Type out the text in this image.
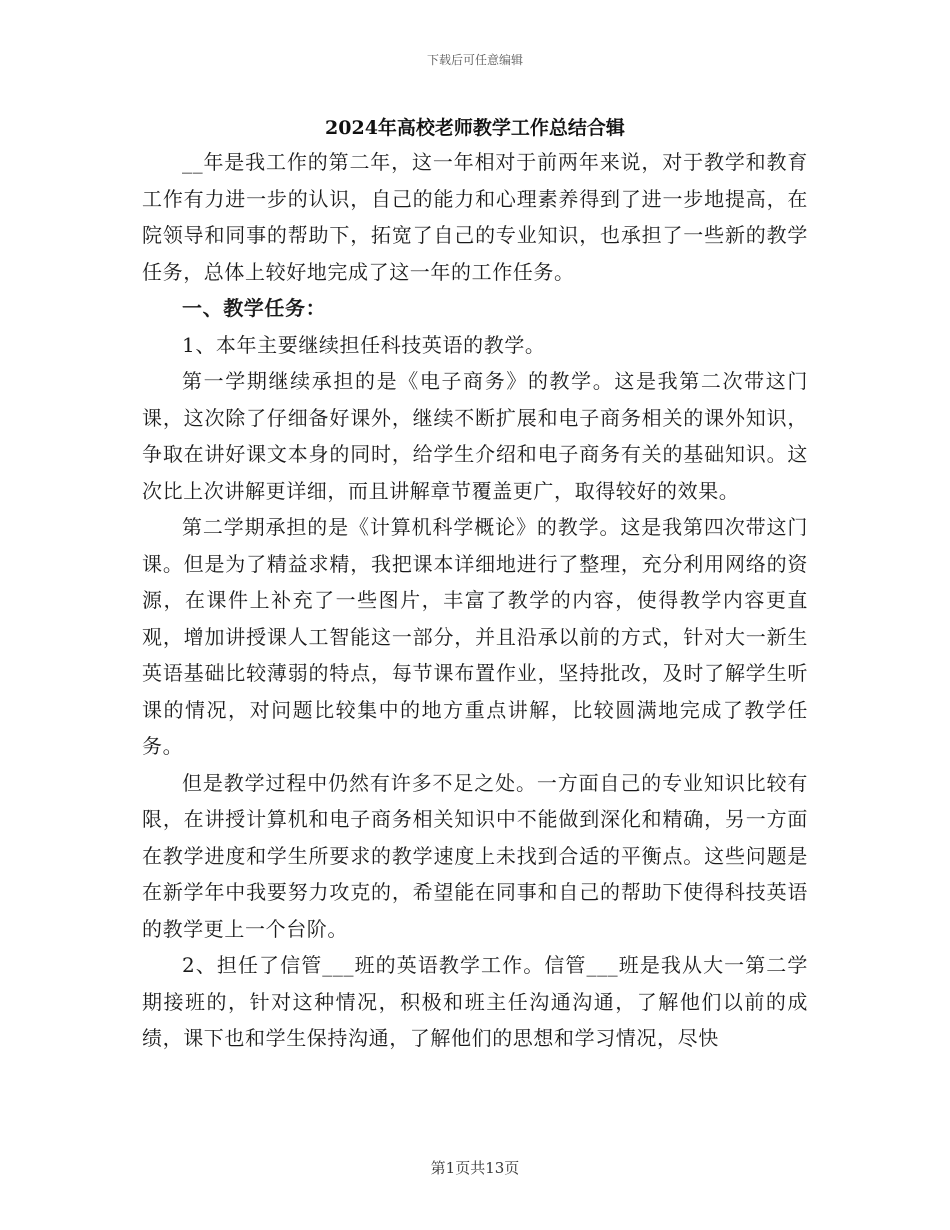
下载后可任意编辑
2024年高校老师教学工作总结合辑

__年是我工作的第二年，这一年相对于前两年来说，对于教学和教育工作有力进一步的认识，自己的能力和心理素养得到了进一步地提高，在院领导和同事的帮助下，拓宽了自己的专业知识，也承担了一些新的教学任务，总体上较好地完成了这一年的工作任务。

一、教学任务：

1、本年主要继续担任科技英语的教学。

第一学期继续承担的是《电子商务》的教学。这是我第二次带这门课，这次除了仔细备好课外，继续不断扩展和电子商务相关的课外知识，争取在讲好课文本身的同时，给学生介绍和电子商务有关的基础知识。这次比上次讲解更详细，而且讲解章节覆盖更广，取得较好的效果。

第二学期承担的是《计算机科学概论》的教学。这是我第四次带这门课。但是为了精益求精，我把课本详细地进行了整理，充分利用网络的资源，在课件上补充了一些图片，丰富了教学的内容，使得教学内容更直观，增加讲授课人工智能这一部分，并且沿承以前的方式，针对大一新生英语基础比较薄弱的特点，每节课布置作业，坚持批改，及时了解学生听课的情况，对问题比较集中的地方重点讲解，比较圆满地完成了教学任务。

但是教学过程中仍然有许多不足之处。一方面自己的专业知识比较有限，在讲授计算机和电子商务相关知识中不能做到深化和精确，另一方面在教学进度和学生所要求的教学速度上未找到合适的平衡点。这些问题是在新学年中我要努力攻克的，希望能在同事和自己的帮助下使得科技英语的教学更上一个台阶。

2、担任了信管___班的英语教学工作。信管___班是我从大一第二学期接班的，针对这种情况，积极和班主任沟通沟通，了解他们以前的成绩，课下也和学生保持沟通，了解他们的思想和学习情况，尽快

第1页共13页
